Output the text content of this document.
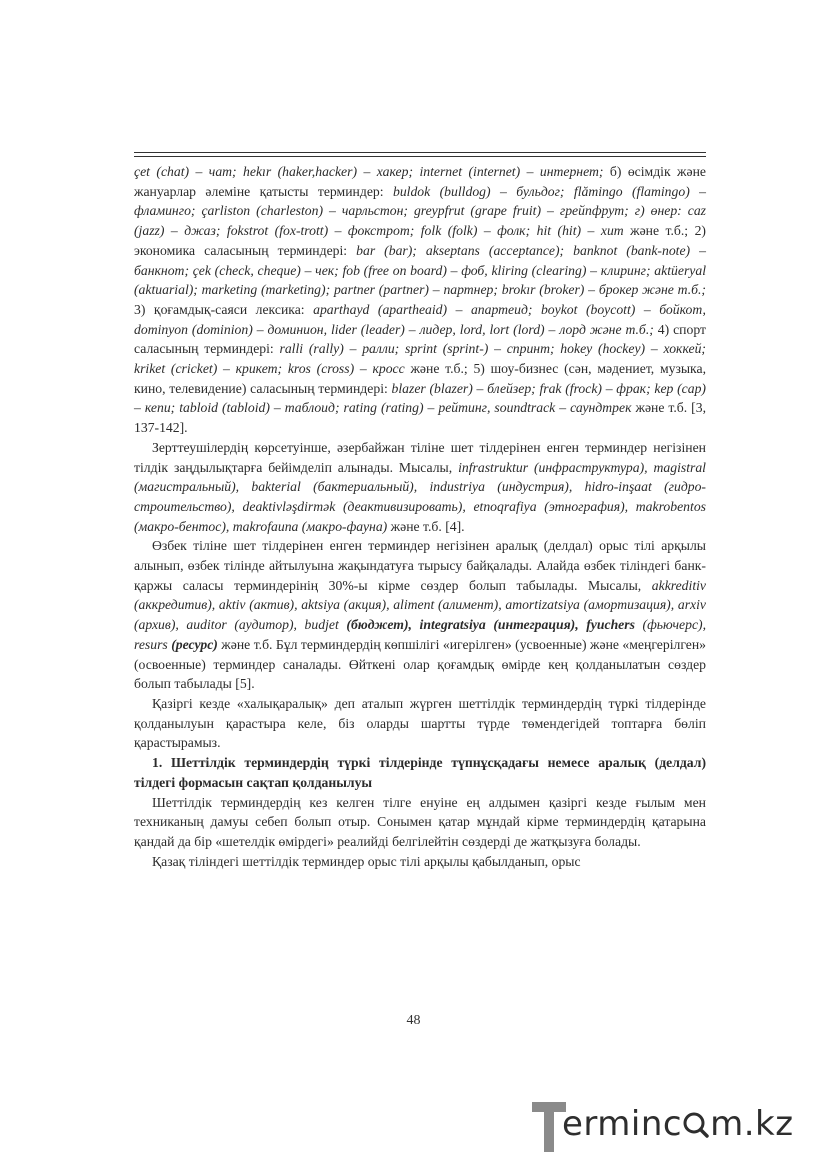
çet (chat) – чат; hekır (haker,hacker) – хакер; internet (internet) – интернет; б) өсімдік және жануарлар әлеміне қатысты терминдер: buldok (bulldog) – бульдог; flămingo (flamingo) – фламинго; çarliston (charleston) – чарльстон; greypfrut (grape fruit) – грейпфрут; г) өнер: caz (jazz) – джаз; fokstrot (fox-trott) – фокстрот; folk (folk) – фолк; hit (hit) – хит және т.б.; 2) экономика саласының терминдері: bar (bar); akseptans (acceptance); banknot (bank-note) – банкнот; çek (check, cheque) – чек; fob (free on board) – фоб, kliring (clearing) – клиринг; aktüeryal (aktuarial); marketing (marketing); partner (partner) – партнер; brokır (broker) – брокер және т.б.; 3) қоғамдық-саяси лексика: aparthayd (apartheaid) – апартеид; boykot (boycott) – бойкот, dominyon (dominion) – доминион, lider (leader) – лидер, lord, lort (lord) – лорд және т.б.; 4) спорт саласының терминдері: ralli (rally) – ралли; sprint (sprint-) – спринт; hokey (hockey) – хоккей; kriket (cricket) – крикет; kros (cross) – кросс және т.б.; 5) шоу-бизнес (сән, мәдениет, музыка, кино, телевидение) саласының терминдері: blazer (blazer) – блейзер; frak (frock) – фрак; kep (cap) – кепи; tabloid (tabloid) – таблоид; rating (rating) – рейтинг, soundtrack – саундтрек және т.б. [3, 137-142].

Зерттеушілердің көрсетуінше, әзербайжан тіліне шет тілдерінен енген терминдер негізінен тілдік заңдылықтарға бейімделіп алынады. Мысалы, infrastruktur (инфраструктура), magistral (магистральный), bakterial (бактериальный), industriya (индустрия), hidro-inşaat (гидро-строительство), deaktivləşdirmək (деактивизировать), etnoqrafiya (этнография), makrobentos (макро-бентос), makrofauna (макро-фауна) және т.б. [4].

Өзбек тіліне шет тілдерінен енген терминдер негізінен аралық (делдал) орыс тілі арқылы алынып, өзбек тілінде айтылуына жақындатуға тырысу байқалады. Алайда өзбек тіліндегі банк-қаржы саласы терминдерінің 30%-ы кірме сөздер болып табылады. Мысалы, akkreditiv (аккредитив), aktiv (актив), aktsiya (акция), aliment (алимент), amortizatsiya (амортизация), arxiv (архив), auditor (аудитор), budjet (бюджет), integratsiya (интеграция), fyuchers (фьючерс), resurs (ресурс) және т.б. Бұл терминдердің көпшілігі «игерілген» (усвоенные) және «меңгерілген» (освоенные) терминдер саналады. Өйткені олар қоғамдық өмірде кең қолданылатын сөздер болып табылады [5].

Қазіргі кезде «халықаралық» деп аталып жүрген шеттілдік терминдердің түркі тілдерінде қолданылуын қарастыра келе, біз оларды шартты түрде төмендегідей топтарға бөліп қарастырамыз.

1. Шеттілдік терминдердің түркі тілдерінде түпнұсқадағы немесе аралық (делдал) тілдегі формасын сақтап қолданылуы

Шеттілдік терминдердің кез келген тілге енуіне ең алдымен қазіргі кезде ғылым мен техниканың дамуы себеп болып отыр. Сонымен қатар мұндай кірме терминдердің қатарына қандай да бір «шетелдік өмірдегі» реалийді белгілейтін сөздерді де жатқызуға болады.

Қазақ тіліндегі шеттілдік терминдер орыс тілі арқылы қабылданып, орыс

48
erminc m.kz
